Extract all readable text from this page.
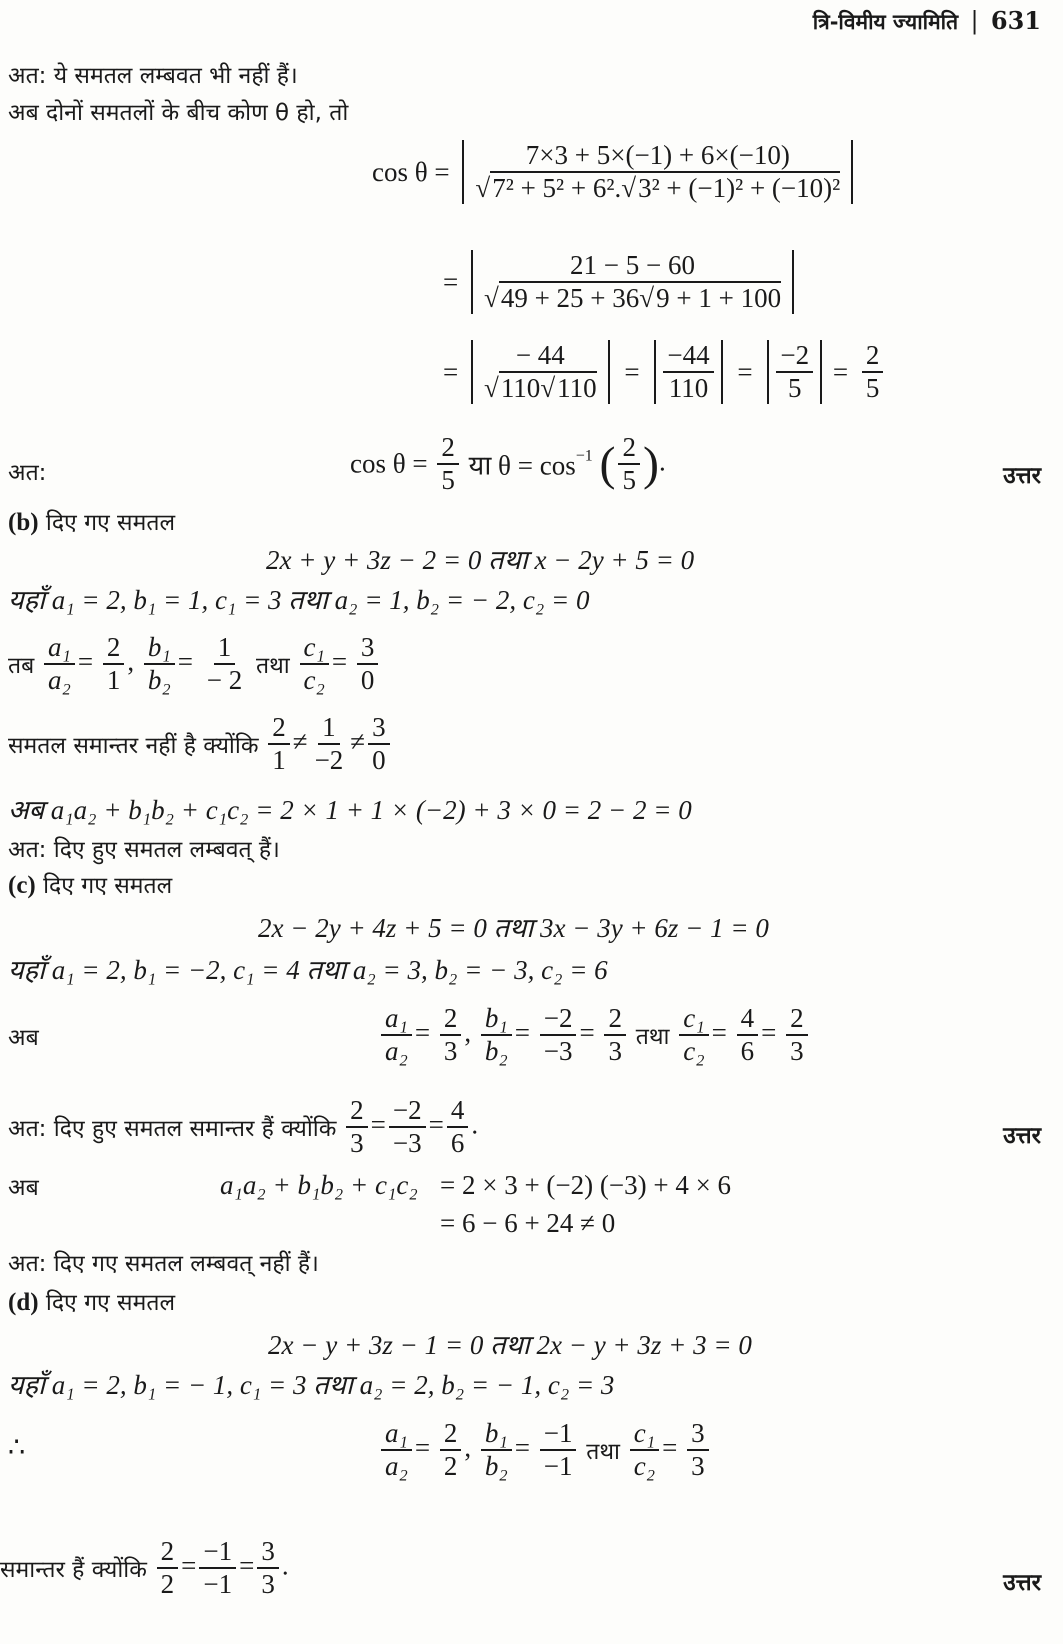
त्रि-विमीय ज्यामिति | 631
अत: ये समतल लम्बवत भी नहीं हैं।
अब दोनों समतलों के बीच कोण θ हो, तो
$\cos \theta = \frac{7\times 3 + 5\times(-1) + 6\times(-10)}{\text{√7² + 5² + 6².√3² + (−1)² + (−10)²}}$
= $\frac{21 - 5 - 60}{√49 + 25 + 36√9 + 1 + 100}$
= $\frac{- 44}{√110√110} = \frac{-44}{110} = \frac{-2}{5} = \frac{2}{5}$
अत:	$\cos \theta = \frac{2}{5}$ या $\theta = \cos^{-1}$ ( $\frac{2}{5}$ ).	उत्तर
(b) दिए गए समतल
2x + y + 3z − 2 = 0 तथा x − 2y + 5 = 0
यहाँ a₁ = 2, b₁ = 1, c₁ = 3 तथा a₂ = 1, b₂ = − 2, c₂ = 0
तब $\frac{\text{a₁}}{\text{a₂}} = \frac{2}{1}$ , $\frac{\text{b₁}}{\text{b₂}} = \frac{1}{- 2}$ तथा $\frac{\text{c₁}}{\text{c₂}} = \frac{3}{0}$
समतल समान्तर नहीं है क्योंकि $\frac{2}{1} \ne \frac{1}{-2} \ne \frac{3}{0}$
अब a₁a₂ + b₁b₂ + c₁c₂ = 2 × 1 + 1 × (−2) + 3 × 0 = 2 − 2 = 0
अत: दिए हुए समतल लम्बवत् हैं।
(c) दिए गए समतल
2x − 2y + 4z + 5 = 0 तथा 3x − 3y + 6z − 1 = 0
यहाँ a₁ = 2, b₁ = −2, c₁ = 4 तथा a₂ = 3, b₂ = − 3, c₂ = 6
अब	$\frac{\text{a₁}}{\text{a₂}} = \frac{2}{3}$ , $\frac{\text{b₁}}{\text{b₂}} = \frac{-2}{-3} = \frac{2}{3}$ तथा $\frac{\text{c₁}}{\text{c₂}} = \frac{4}{6} = \frac{2}{3}$
अत: दिए हुए समतल समान्तर हैं क्योंकि $\frac{2}{3} = \frac{-2}{-3} = \frac{4}{6}$ .	उत्तर
अब	a₁a₂ + b₁b₂ + c₁c₂ = 2 × 3 + (−2) (−3) + 4 × 6
= 6 − 6 + 24 ≠ 0
अत: दिए गए समतल लम्बवत् नहीं हैं।
(d) दिए गए समतल
2x − y + 3z − 1 = 0 तथा 2x − y + 3z + 3 = 0
यहाँ a₁ = 2, b₁ = − 1, c₁ = 3 तथा a₂ = 2, b₂ = − 1, c₂ = 3
∴	$\frac{\text{a₁}}{\text{a₂}} = \frac{2}{2}$ , $\frac{\text{b₁}}{\text{b₂}} = \frac{-1}{-1}$ तथा $\frac{\text{c₁}}{\text{c₂}} = \frac{3}{3}$
समान्तर हैं क्योंकि $\frac{2}{2} = \frac{-1}{-1} = \frac{3}{3}$ .
उत्तर
